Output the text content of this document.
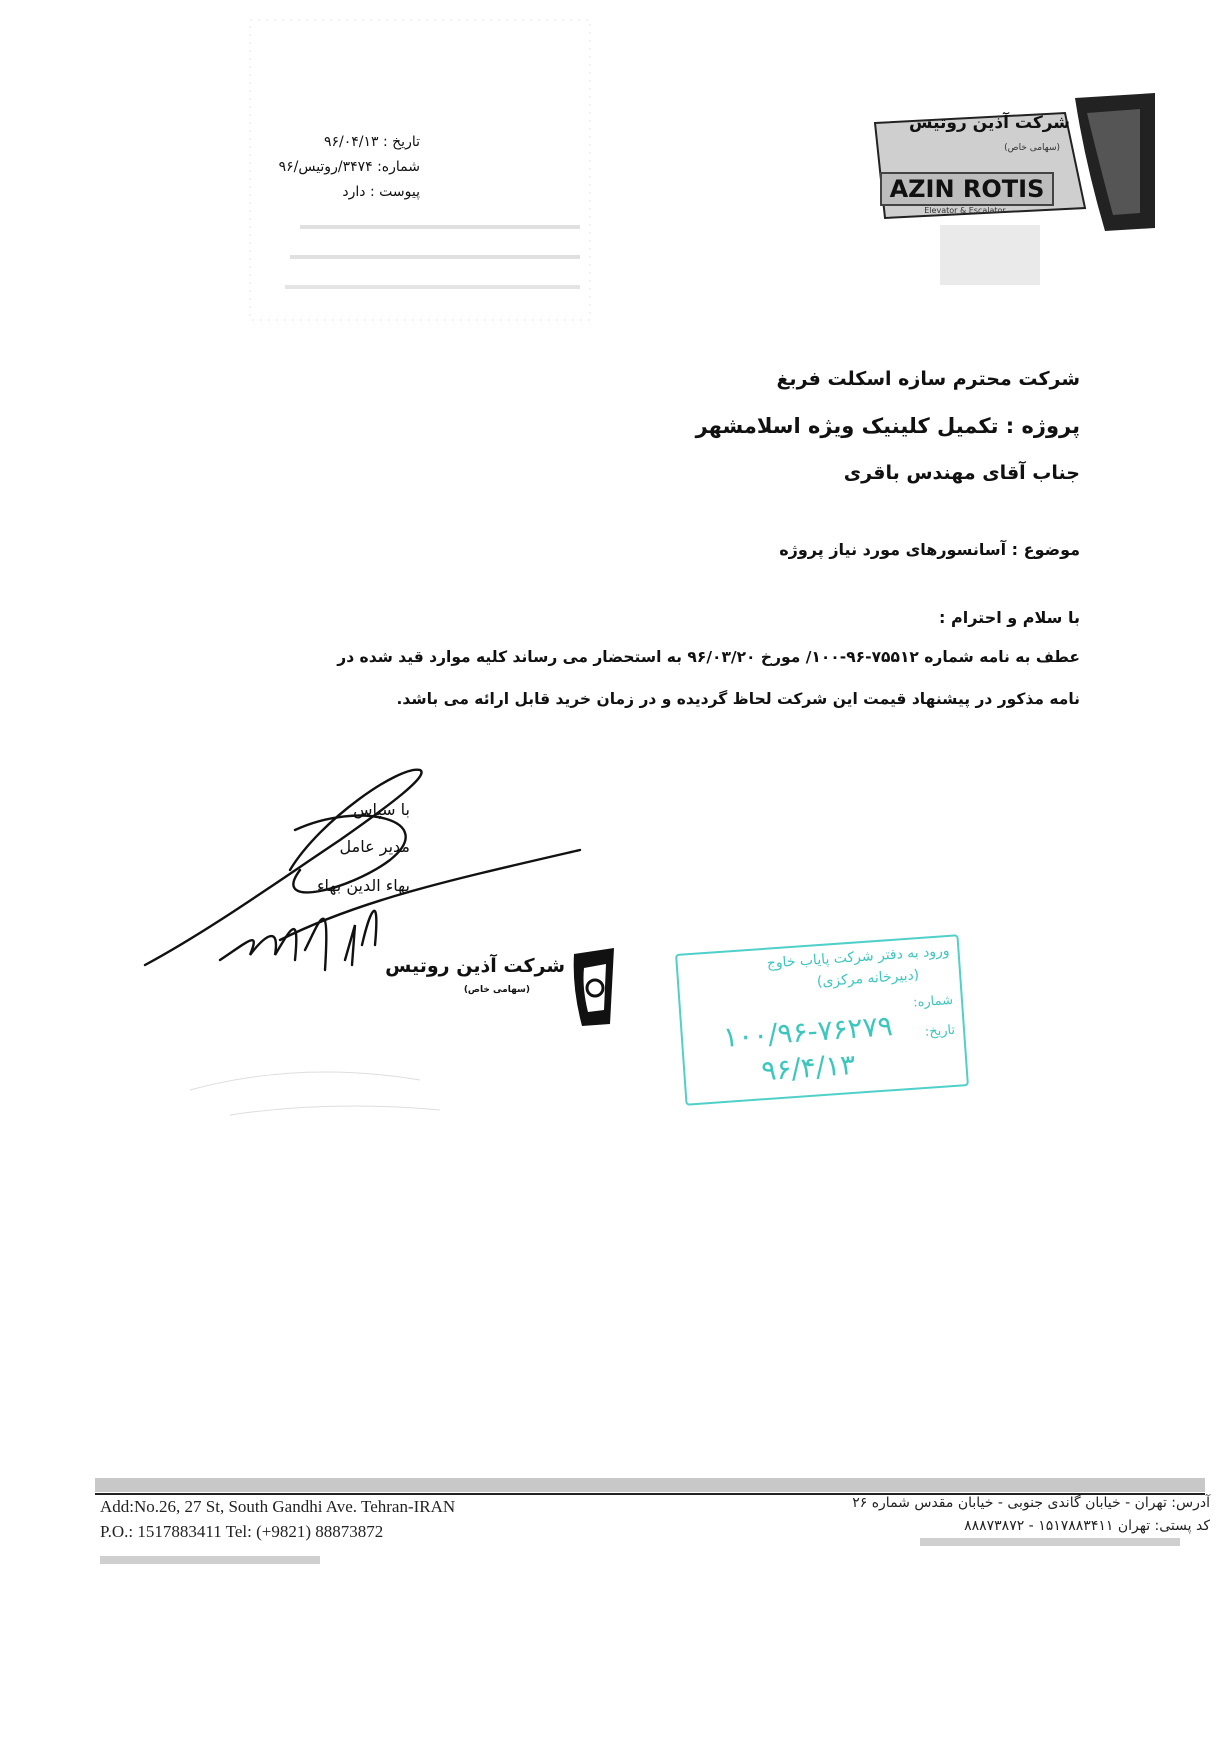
شرکت آذین روتیس
(سهامی خاص)
AZIN ROTIS
Elevator & Escalator
تاریخ : ۹۶/۰۴/۱۳
شماره: ۳۴۷۴/روتیس/۹۶
پیوست : دارد
شرکت محترم سازه اسکلت فربغ
پروژه : تکمیل کلینیک ویژه اسلامشهر
جناب آقای مهندس باقری
موضوع : آسانسورهای مورد نیاز پروژه
با سلام و احترام :
عطف به نامه شماره ۷۵۵۱۲-۹۶-۱۰۰/ مورخ ۹۶/۰۳/۲۰ به استحضار می رساند کلیه موارد قید شده در
نامه مذکور در پیشنهاد قیمت این شرکت لحاظ گردیده و در زمان خرید قابل ارائه می باشد.
با سپاس
مدیر عامل
بهاء الدین بهاء
شرکت آذین روتیس
(سهامی خاص)
ورود به دفتر شرکت پایاب خاوج
(دبیرخانه مرکزی)
شماره:
۱۰۰/۹۶-۷۶۲۷۹ تاریخ:
۹۶/۴/۱۳
Add:No.26, 27 St, South Gandhi Ave. Tehran-IRAN
P.O.: 1517883411 Tel: (+9821) 88873872
آدرس: تهران - خیابان گاندی جنوبی - خیابان مقدس شماره ۲۶
کد پستی: تهران ۱۵۱۷۸۸۳۴۱۱ - ۸۸۸۷۳۸۷۲
